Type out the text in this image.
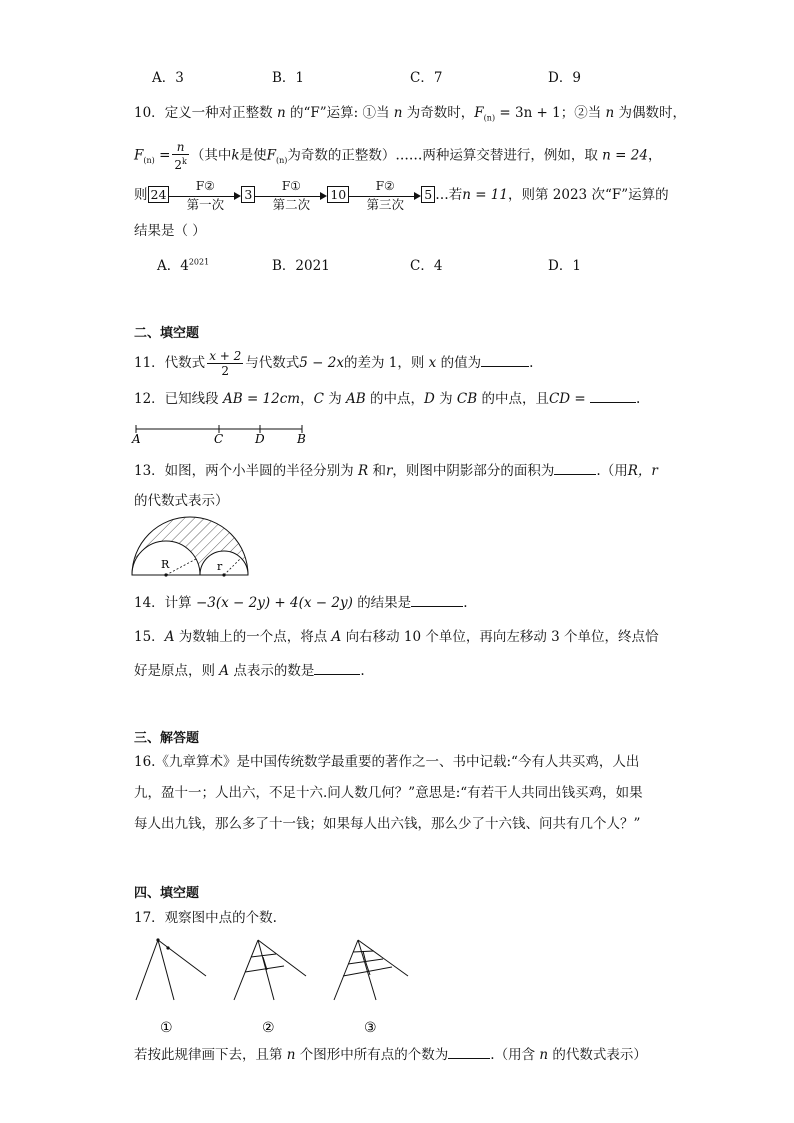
A．3	B．1	C．7	D．9
10．定义一种对正整数 n 的“F”运算: ①当 n 为奇数时，$F_{(n)} = 3n + 1$；②当 n 为偶数时，
$F_{(n)} = \frac{n}{2^k}$ （其中k是使$F_{(n)}$为奇数的正整数）……两种运算交替进行，例如，取 n = 24，
则 24
F②
第一次
3
F①
第二次
10
F②
第三次
5 …若n = 11，则第 2023 次“F”运算的
结果是（ ）
A．$4^{2021}$	B．2021	C．4	D．1
二、填空题
11．代数式 $\frac{x + 2}{2}$ 与代数式5 − 2x的差为 1，则 x 的值为	.
12．已知线段 AB = 12cm，C 为 AB 的中点，D 为 CB 的中点，且CD =	.
A	C	D	B
13．如图，两个小半圆的半径分别为 R 和r，则图中阴影部分的面积为	.（用R，r
的代数式表示）
R	r
14．计算 −3(x − 2y) + 4(x − 2y) 的结果是	.
15．A 为数轴上的一个点，将点 A 向右移动 10 个单位，再向左移动 3 个单位，终点恰
好是原点，则 A 点表示的数是	.
三、解答题
16.《九章算术》是中国传统数学最重要的著作之一、书中记载:“今有人共买鸡，人出
九，盈十一；人出六，不足十六.问人数几何？”意思是:“有若干人共同出钱买鸡，如果
每人出九钱，那么多了十一钱；如果每人出六钱，那么少了十六钱、问共有几个人？”
四、填空题
17．观察图中点的个数.
①	②	③
若按此规律画下去，且第 n 个图形中所有点的个数为	.（用含 n 的代数式表示）
